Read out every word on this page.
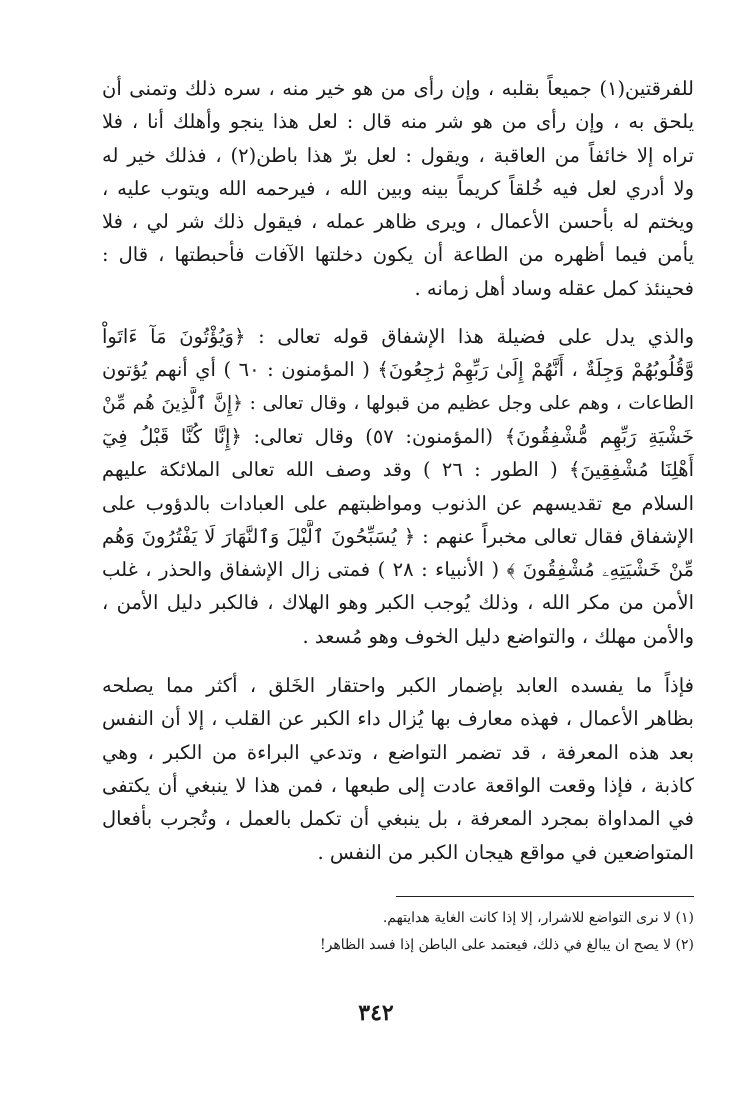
للفرقتين(١) جميعاً بقلبه ، وإن رأى من هو خير منه ، سره ذلك وتمنى أن
يلحق به ، وإن رأى من هو شر منه قال : لعل هذا ينجو وأهلك أنا ، فلا
تراه إلا خائفاً من العاقبة ، ويقول : لعل برّ هذا باطن(٢) ، فذلك خير له
ولا أدري لعل فيه خُلقاً كريماً بينه وبين الله ، فيرحمه الله ويتوب عليه ،
ويختم له بأحسن الأعمال ، ويرى ظاهر عمله ، فيقول ذلك شر لي ، فلا
يأمن فيما أظهره من الطاعة أن يكون دخلتها الآفات فأحبطتها ، قال :
فحينئذ كمل عقله وساد أهل زمانه .
والذي يدل على فضيلة هذا الإشفاق قوله تعالى : ﴿وَيُؤْتُونَ مَآ ءَاتَواْ
وَّقُلُوبُهُمْ وَجِلَةٌ ، أَنَّهُمْ إِلَىٰ رَبِّهِمْ رَٰجِعُونَ﴾ ( المؤمنون : ٦٠ ) أي أنهم يُؤتون
الطاعات ، وهم على وجل عظيم من قبولها ، وقال تعالى : ﴿إِنَّ ٱلَّذِينَ هُم مِّنْ
خَشْيَةِ رَبِّهِم مُّشْفِقُونَ﴾ (المؤمنون: ٥٧) وقال تعالى: ﴿إِنَّا كُنَّا قَبْلُ فِيٓ
أَهْلِنَا مُشْفِقِينَ﴾ ( الطور : ٢٦ ) وقد وصف الله تعالى الملائكة عليهم
السلام مع تقديسهم عن الذنوب ومواظبتهم على العبادات بالدؤوب على
الإشفاق فقال تعالى مخبراً عنهم : ﴿ يُسَبِّحُونَ ٱلَّيْلَ وَٱلنَّهَارَ لَا يَفْتُرُونَ وَهُم
مِّنْ خَشْيَتِهِۦ مُشْفِقُونَ ﴾ ( الأنبياء : ٢٨ ) فمتى زال الإشفاق والحذر ، غلب
الأمن من مكر الله ، وذلك يُوجب الكبر وهو الهلاك ، فالكبر دليل الأمن ،
والأمن مهلك ، والتواضع دليل الخوف وهو مُسعد .
فإذاً ما يفسده العابد بإضمار الكبر واحتقار الخَلق ، أكثر مما يصلحه
بظاهر الأعمال ، فهذه معارف بها يُزال داء الكبر عن القلب ، إلا أن النفس
بعد هذه المعرفة ، قد تضمر التواضع ، وتدعي البراءة من الكبر ، وهي
كاذبة ، فإذا وقعت الواقعة عادت إلى طبعها ، فمن هذا لا ينبغي أن يكتفى
في المداواة بمجرد المعرفة ، بل ينبغي أن تكمل بالعمل ، وتُجرب بأفعال
المتواضعين في مواقع هيجان الكبر من النفس .
(١) لا نرى التواضع للاشرار، إلا إذا كانت الغاية هدايتهم.
(٢) لا يصح ان يبالغ في ذلك، فيعتمد على الباطن إذا فسد الظاهر!
٣٤٢
